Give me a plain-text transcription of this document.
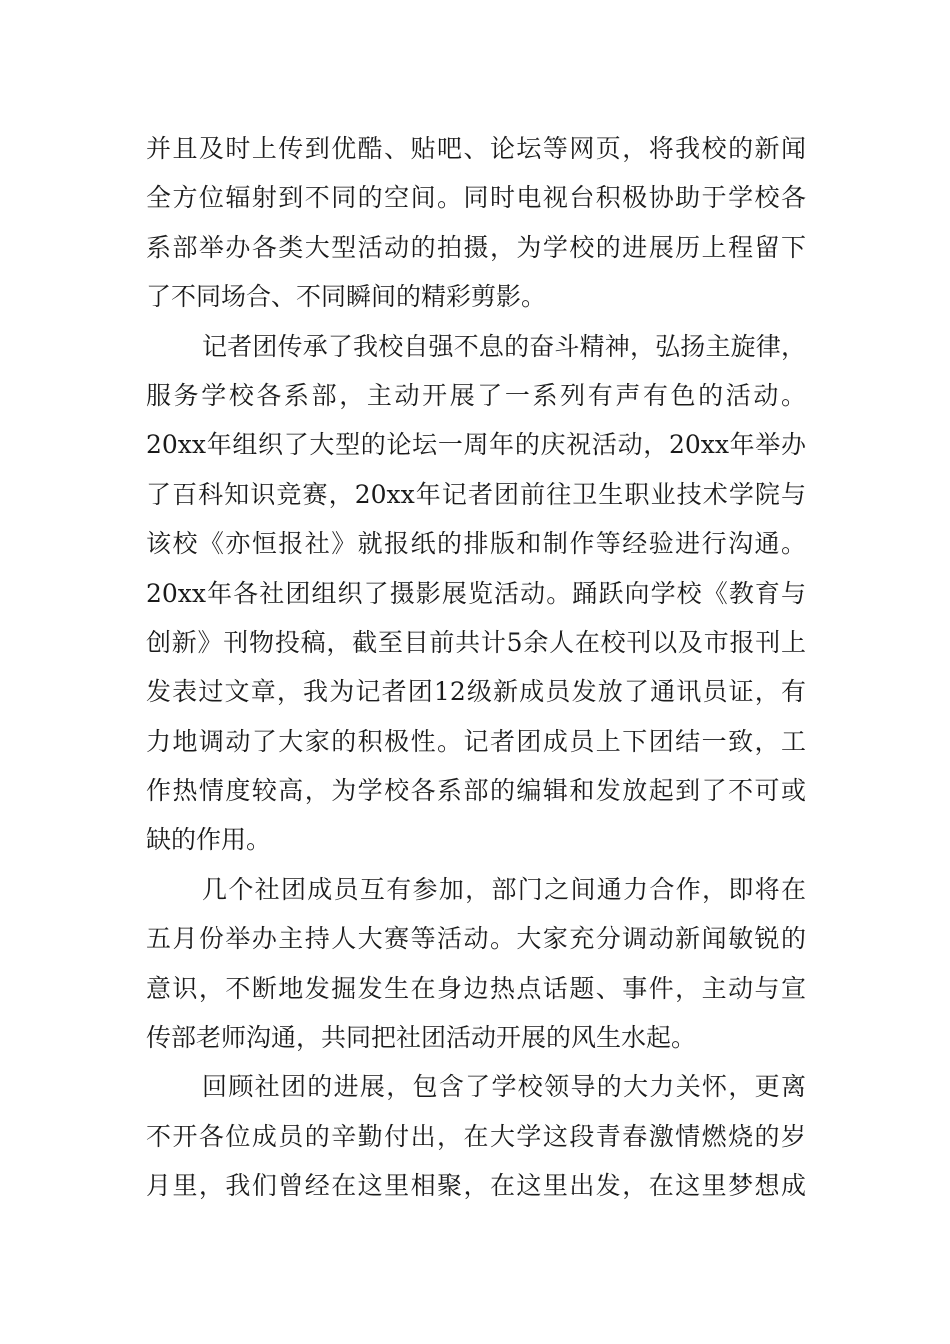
并且及时上传到优酷、贴吧、论坛等网页，将我校的新闻
全方位辐射到不同的空间。同时电视台积极协助于学校各
系部举办各类大型活动的拍摄，为学校的进展历上程留下
了不同场合、不同瞬间的精彩剪影。
记者团传承了我校自强不息的奋斗精神，弘扬主旋律，
服务学校各系部，主动开展了一系列有声有色的活动。
20xx年组织了大型的论坛一周年的庆祝活动，20xx年举办
了百科知识竞赛，20xx年记者团前往卫生职业技术学院与
该校《亦恒报社》就报纸的排版和制作等经验进行沟通。
20xx年各社团组织了摄影展览活动。踊跃向学校《教育与
创新》刊物投稿，截至目前共计5余人在校刊以及市报刊上
发表过文章，我为记者团12级新成员发放了通讯员证，有
力地调动了大家的积极性。记者团成员上下团结一致，工
作热情度较高，为学校各系部的编辑和发放起到了不可或
缺的作用。
几个社团成员互有参加，部门之间通力合作，即将在
五月份举办主持人大赛等活动。大家充分调动新闻敏锐的
意识，不断地发掘发生在身边热点话题、事件，主动与宣
传部老师沟通，共同把社团活动开展的风生水起。
回顾社团的进展，包含了学校领导的大力关怀，更离
不开各位成员的辛勤付出，在大学这段青春激情燃烧的岁
月里，我们曾经在这里相聚，在这里出发，在这里梦想成
